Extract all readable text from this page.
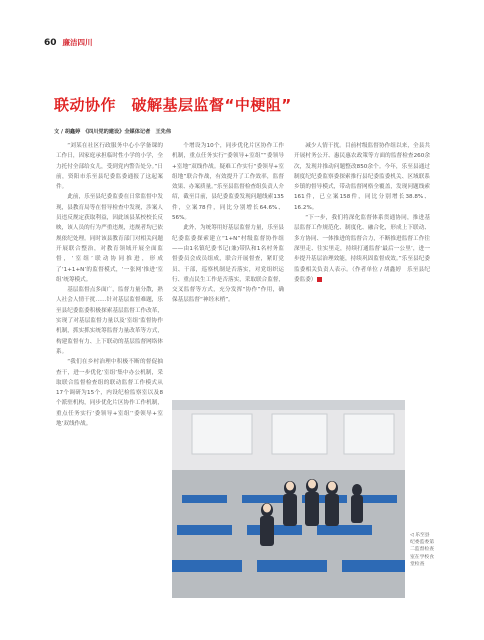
60 廉洁四川
联动协作　破解基层监督“中梗阻”
文 / 胡鑫婷　《四川党的建设》全媒体记者　王先伟

“刘某在社区行政服务中心小学备课的工作日，因家庭承担临时性小学的小学，全力托付全部给女儿，受到党内警告处分。”日前，资阳市乐至县纪委监委通报了这起案件。

此前，乐至县纪委监委在日常监督中发现，县教育局等在督导检查中发现，涉案人员违反规定获取利益，因此该县某校校长反映，该人员的行为严重违规，违规者均已依规依纪处理。同时该县教育部门对相关问题开展联合整治，对教育领域开展全面监督，‘室组’联动协同推进，形成了‘1+1+N’的监督模式，‘一张网’推进‘室组’统筹模式。

基层监督点多面广，监督力量分散，熟人社会人情干扰……针对基层监督难题，乐至县纪委监委积极探索基层监督工作改革，实现了对基层监督力量以及‘室组’监督协作机制，抓实抓实统筹监督力量改革等方式，构建监督有力、上下联动的基层监督网络体系。

“我们在乡村治理中积极不断的督促抽查干，进一步优化‘室组’集中办公机制，采取联合监督检查组的联动监督工作模式从17个调研为15个，内设纪检监察室以及8个派驻机构，同步优化片区协作工作机制，重点任务实行‘委领导+室组’‘委领导+室地’双线作战。

个增设为10个，同步优化片区协作工作机制，重点任务实行“委领导+室组”“委领导+室地”双线作战。疑难工作实行“委领导+室组地”联合作战，有效提升了工作效率，监督效果、办案质量。”乐至县监督检查组负责人介绍，截至目前，县纪委监委发现问题线索135件，立案78件，同比分别增长64.6%、56%。

此外，为统筹用好基层监督力量，乐至县纪委监委探索建立“1+N”村级监督协作组——由1名镇纪委书记(兼)带队和1名村务监督委员会成员组成，联合开展督查，紧盯党员、干部，巡察机制是否落实，对党组织运行、重点民生工作是否落实，采取联合监督，交叉监督等方式，充分发挥“协作”作用，确保基层监督“神经末梢”。

减少人情干扰。目前村级监督协作组以来，全县共开展村务公开、惠民惠农政策等方面的监督检查260余次，发现并推动问题整改850余个。今年，乐至县通过制度纪纪委监察委探索推行县纪委监委机关、区域联系乡镇的督导模式，带动监督网格全覆盖，发现问题线索161件，已立案158件，同比分别增长38.8%、16.2%。

“下一步，我们将深化监督体系贯通协同，推进基层监督工作规范化、制度化、融合化，形成上下联动、多方协同、一体推进的监督合力，不断推进监督工作往深里走、往实里走，持续打通监督‘最后一公里’，进一步提升基层治理效能，持续巩固监督成效。”乐至县纪委监委相关负责人表示。（作者单位 / 胡鑫婷　乐至县纪委监委）

◁ 乐至县纪委监委第二监督检查室在学校食堂检查
